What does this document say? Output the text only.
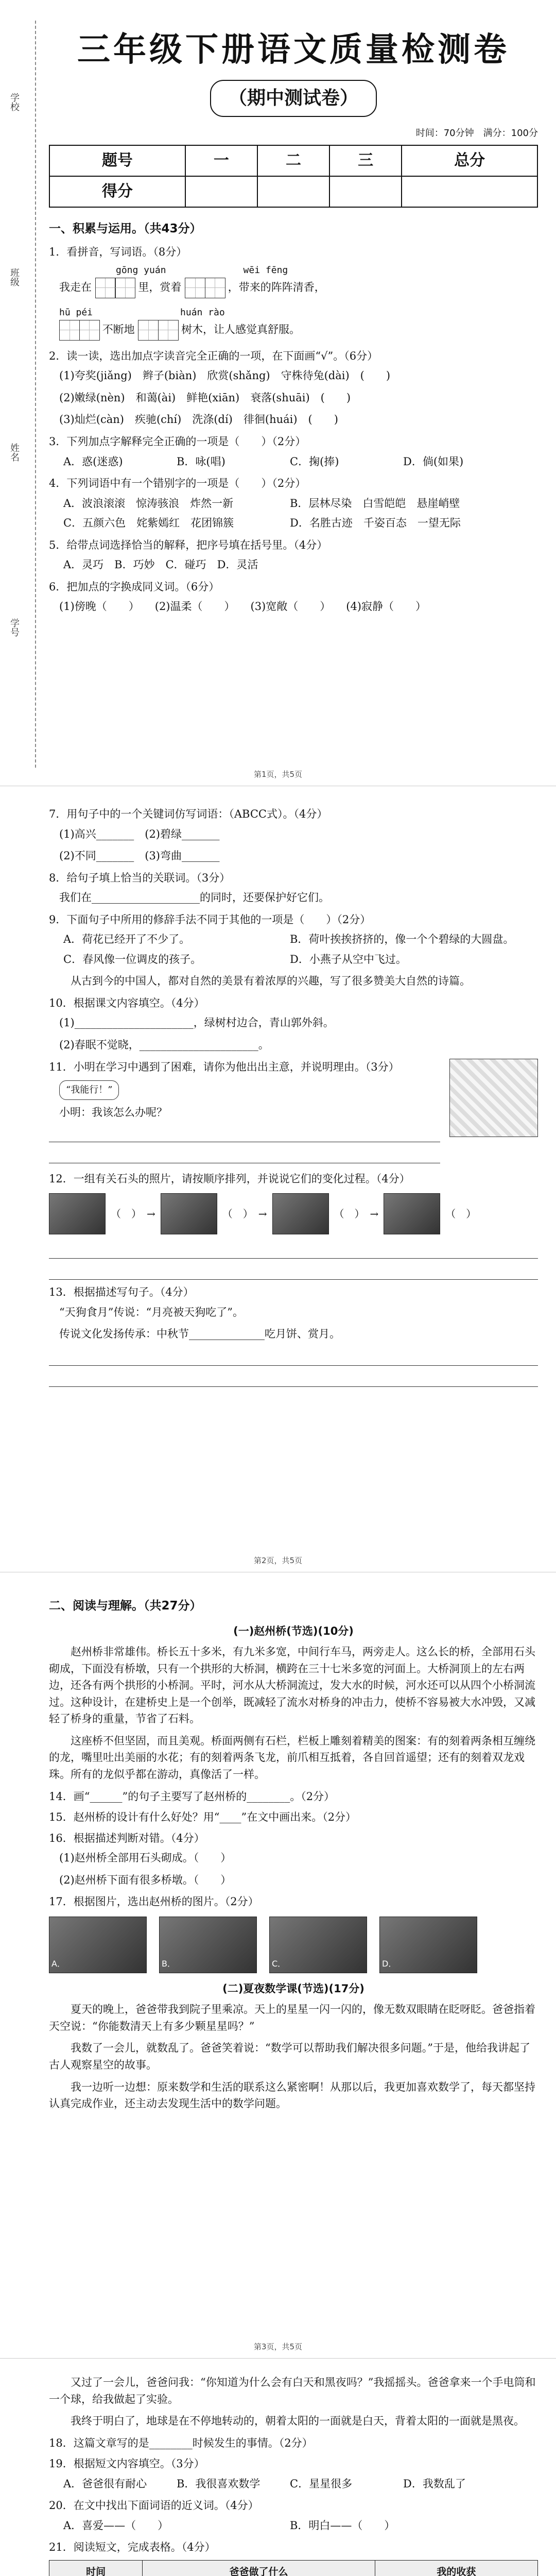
学校
班级
姓名
学号
三年级下册语文质量检测卷
（期中测试卷）
时间：70分钟　满分：100分
题号	一	二	三	总分
得分				
一、积累与运用。（共43分）
1．看拼音，写词语。（8分）
gōng yuán	wēi fēng
我走在	里，赏着	，带来的阵阵清香，
hū péi	huán rào
不断地	树木，让人感觉真舒服。
2．读一读，选出加点字读音完全正确的一项，在下面画“√”。（6分）

(1)夸奖(jiǎng)　辫子(biàn)　欣赏(shǎng)　守株待兔(dài)　(　　)

(2)嫩绿(nèn)　和蔼(ài)　鲜艳(xiān)　衰落(shuāi)　(　　)

(3)灿烂(càn)　疾驰(chí)　洗涤(dí)　徘徊(huái)　(　　)

3．下列加点字解释完全正确的一项是（　　）（2分）
A．惑(迷惑)	B．咏(唱)	C．掬(捧)	D．倘(如果)
4．下列词语中有一个错别字的一项是（　　）（2分）
A．波浪滚滚　惊涛骇浪　炸然一新	B．层林尽染　白雪皑皑　悬崖峭壁
C．五颜六色　姹紫嫣红　花团锦簇	D．名胜古迹　千姿百态　一望无际
5．给带点词选择恰当的解释，把序号填在括号里。（4分）
A．灵巧　B．巧妙　C．碰巧　D．灵活
6．把加点的字换成同义词。（6分）
(1)傍晚（　　） (2)温柔（　　） (3)宽敞（　　） (4)寂静（　　）
第1页，共5页
7．用句子中的一个关键词仿写词语：（ABCC式）。（4分）

(1)高兴_______　(2)碧绿_______

(2)不同_______　(3)弯曲_______

8．给句子填上恰当的关联词。（3分）

我们在____________________的同时，还要保护好它们。

9．下面句子中所用的修辞手法不同于其他的一项是（　　）（2分）
A．荷花已经开了不少了。	B．荷叶挨挨挤挤的，像一个个碧绿的大圆盘。
C．春风像一位调皮的孩子。	D．小燕子从空中飞过。

从古到今的中国人，都对自然的美景有着浓厚的兴趣，写了很多赞美大自然的诗篇。

10．根据课文内容填空。（4分）

(1)______________________，绿树村边合，青山郭外斜。

(2)春眠不觉晓，______________________。

11．小明在学习中遇到了困难，请你为他出出主意，并说明理由。（3分）
“我能行！”

小明：我该怎么办呢？

12．一组有关石头的照片，请按顺序排列，并说说它们的变化过程。（4分）
（　） →	（　） →	（　） →	（　）
13．根据描述写句子。（4分）

“天狗食月”传说：“月亮被天狗吃了”。

传说文化发扬传承：中秋节______________吃月饼、赏月。

第2页，共5页
二、阅读与理解。（共27分）
(一)赵州桥(节选)(10分)

赵州桥非常雄伟。桥长五十多米，有九米多宽，中间行车马，两旁走人。这么长的桥，全部用石头砌成，下面没有桥墩，只有一个拱形的大桥洞，横跨在三十七米多宽的河面上。大桥洞顶上的左右两边，还各有两个拱形的小桥洞。平时，河水从大桥洞流过，发大水的时候，河水还可以从四个小桥洞流过。这种设计，在建桥史上是一个创举，既减轻了流水对桥身的冲击力，使桥不容易被大水冲毁，又减轻了桥身的重量，节省了石料。

这座桥不但坚固，而且美观。桥面两侧有石栏，栏板上雕刻着精美的图案：有的刻着两条相互缠绕的龙，嘴里吐出美丽的水花；有的刻着两条飞龙，前爪相互抵着，各自回首遥望；还有的刻着双龙戏珠。所有的龙似乎都在游动，真像活了一样。

14．画“______”的句子主要写了赵州桥的________。（2分）
15．赵州桥的设计有什么好处？用“____”在文中画出来。（2分）
16．根据描述判断对错。（4分）

(1)赵州桥全部用石头砌成。（　　）

(2)赵州桥下面有很多桥墩。（　　）

17．根据图片，选出赵州桥的图片。（2分）
A．	B．	C．	D．
(二)夏夜数学课(节选)(17分)

夏天的晚上，爸爸带我到院子里乘凉。天上的星星一闪一闪的，像无数双眼睛在眨呀眨。爸爸指着天空说：“你能数清天上有多少颗星星吗？”

我数了一会儿，就数乱了。爸爸笑着说：“数学可以帮助我们解决很多问题。”于是，他给我讲起了古人观察星空的故事。

我一边听一边想：原来数学和生活的联系这么紧密啊！从那以后，我更加喜欢数学了，每天都坚持认真完成作业，还主动去发现生活中的数学问题。

第3页，共5页

又过了一会儿，爸爸问我：“你知道为什么会有白天和黑夜吗？”我摇摇头。爸爸拿来一个手电筒和一个球，给我做起了实验。

我终于明白了，地球是在不停地转动的，朝着太阳的一面就是白天，背着太阳的一面就是黑夜。

18．这篇文章写的是________时候发生的事情。（2分）
19．根据短文内容填空。（3分）
A．爸爸很有耐心	B．我很喜欢数学	C．星星很多	D．我数乱了
20．在文中找出下面词语的近义词。（4分）
A．喜爱——（　　）	B．明白——（　　）
21．阅读短文，完成表格。（4分）
时间	爸爸做了什么	我的收获
